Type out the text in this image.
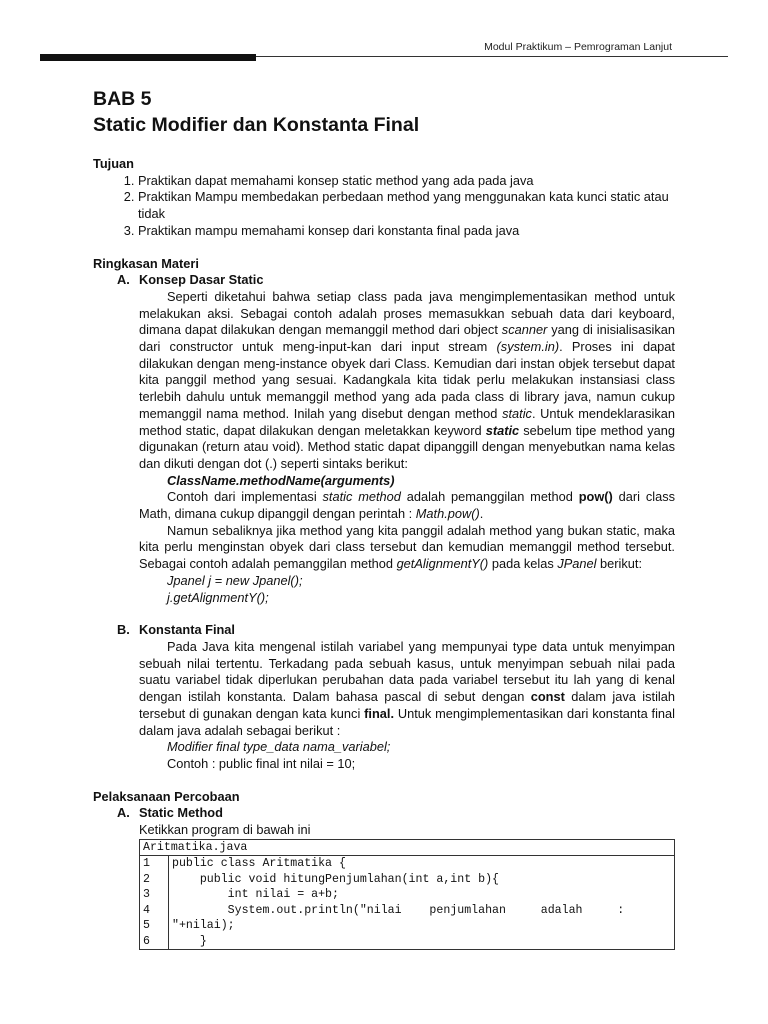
Modul Praktikum – Pemrograman Lanjut
BAB 5
Static Modifier dan Konstanta Final
Tujuan
1. Praktikan dapat memahami konsep static method yang ada pada java
2. Praktikan Mampu membedakan perbedaan method yang menggunakan kata kunci static atau tidak
3. Praktikan mampu memahami konsep dari konstanta final pada java
Ringkasan Materi
A. Konsep Dasar Static

Seperti diketahui bahwa setiap class pada java mengimplementasikan method untuk melakukan aksi. Sebagai contoh adalah proses memasukkan sebuah data dari keyboard, dimana dapat dilakukan dengan memanggil method dari object scanner yang di inisialisasikan dari constructor untuk meng-input-kan dari input stream (system.in). Proses ini dapat dilakukan dengan meng-instance obyek dari Class. Kemudian dari instan objek tersebut dapat kita panggil method yang sesuai. Kadangkala kita tidak perlu melakukan instansiasi class terlebih dahulu untuk memanggil method yang ada pada class di library java, namun cukup memanggil nama method. Inilah yang disebut dengan method static. Untuk mendeklarasikan method static, dapat dilakukan dengan meletakkan keyword static sebelum tipe method yang digunakan (return atau void). Method static dapat dipanggill dengan menyebutkan nama kelas dan dikuti dengan dot (.) seperti sintaks berikut:

ClassName.methodName(arguments)

Contoh dari implementasi static method adalah pemanggilan method pow() dari class Math, dimana cukup dipanggil dengan perintah : Math.pow().

Namun sebaliknya jika method yang kita panggil adalah method yang bukan static, maka kita perlu menginstan obyek dari class tersebut dan kemudian memanggil method tersebut. Sebagai contoh adalah pemanggilan method getAlignmentY() pada kelas JPanel berikut:

Jpanel j = new Jpanel();
j.getAlignmentY();
B. Konstanta Final

Pada Java kita mengenal istilah variabel yang mempunyai type data untuk menyimpan sebuah nilai tertentu. Terkadang pada sebuah kasus, untuk menyimpan sebuah nilai pada suatu variabel tidak diperlukan perubahan data pada variabel tersebut itu lah yang di kenal dengan istilah konstanta. Dalam bahasa pascal di sebut dengan const dalam java istilah tersebut di gunakan dengan kata kunci final. Untuk mengimplementasikan dari konstanta final dalam java adalah sebagai berikut :

Modifier final type_data nama_variabel;
Contoh : public final int nilai = 10;
Pelaksanaan Percobaan
A. Static Method
Ketikkan program di bawah ini
Aritmatika.java	
1	public class Aritmatika {
2	public void hitungPenjumlahan(int a,int b){
3	int nilai = a+b;
4	System.out.println("nilai    penjumlahan     adalah     :
5	"+nilai);
6	}
